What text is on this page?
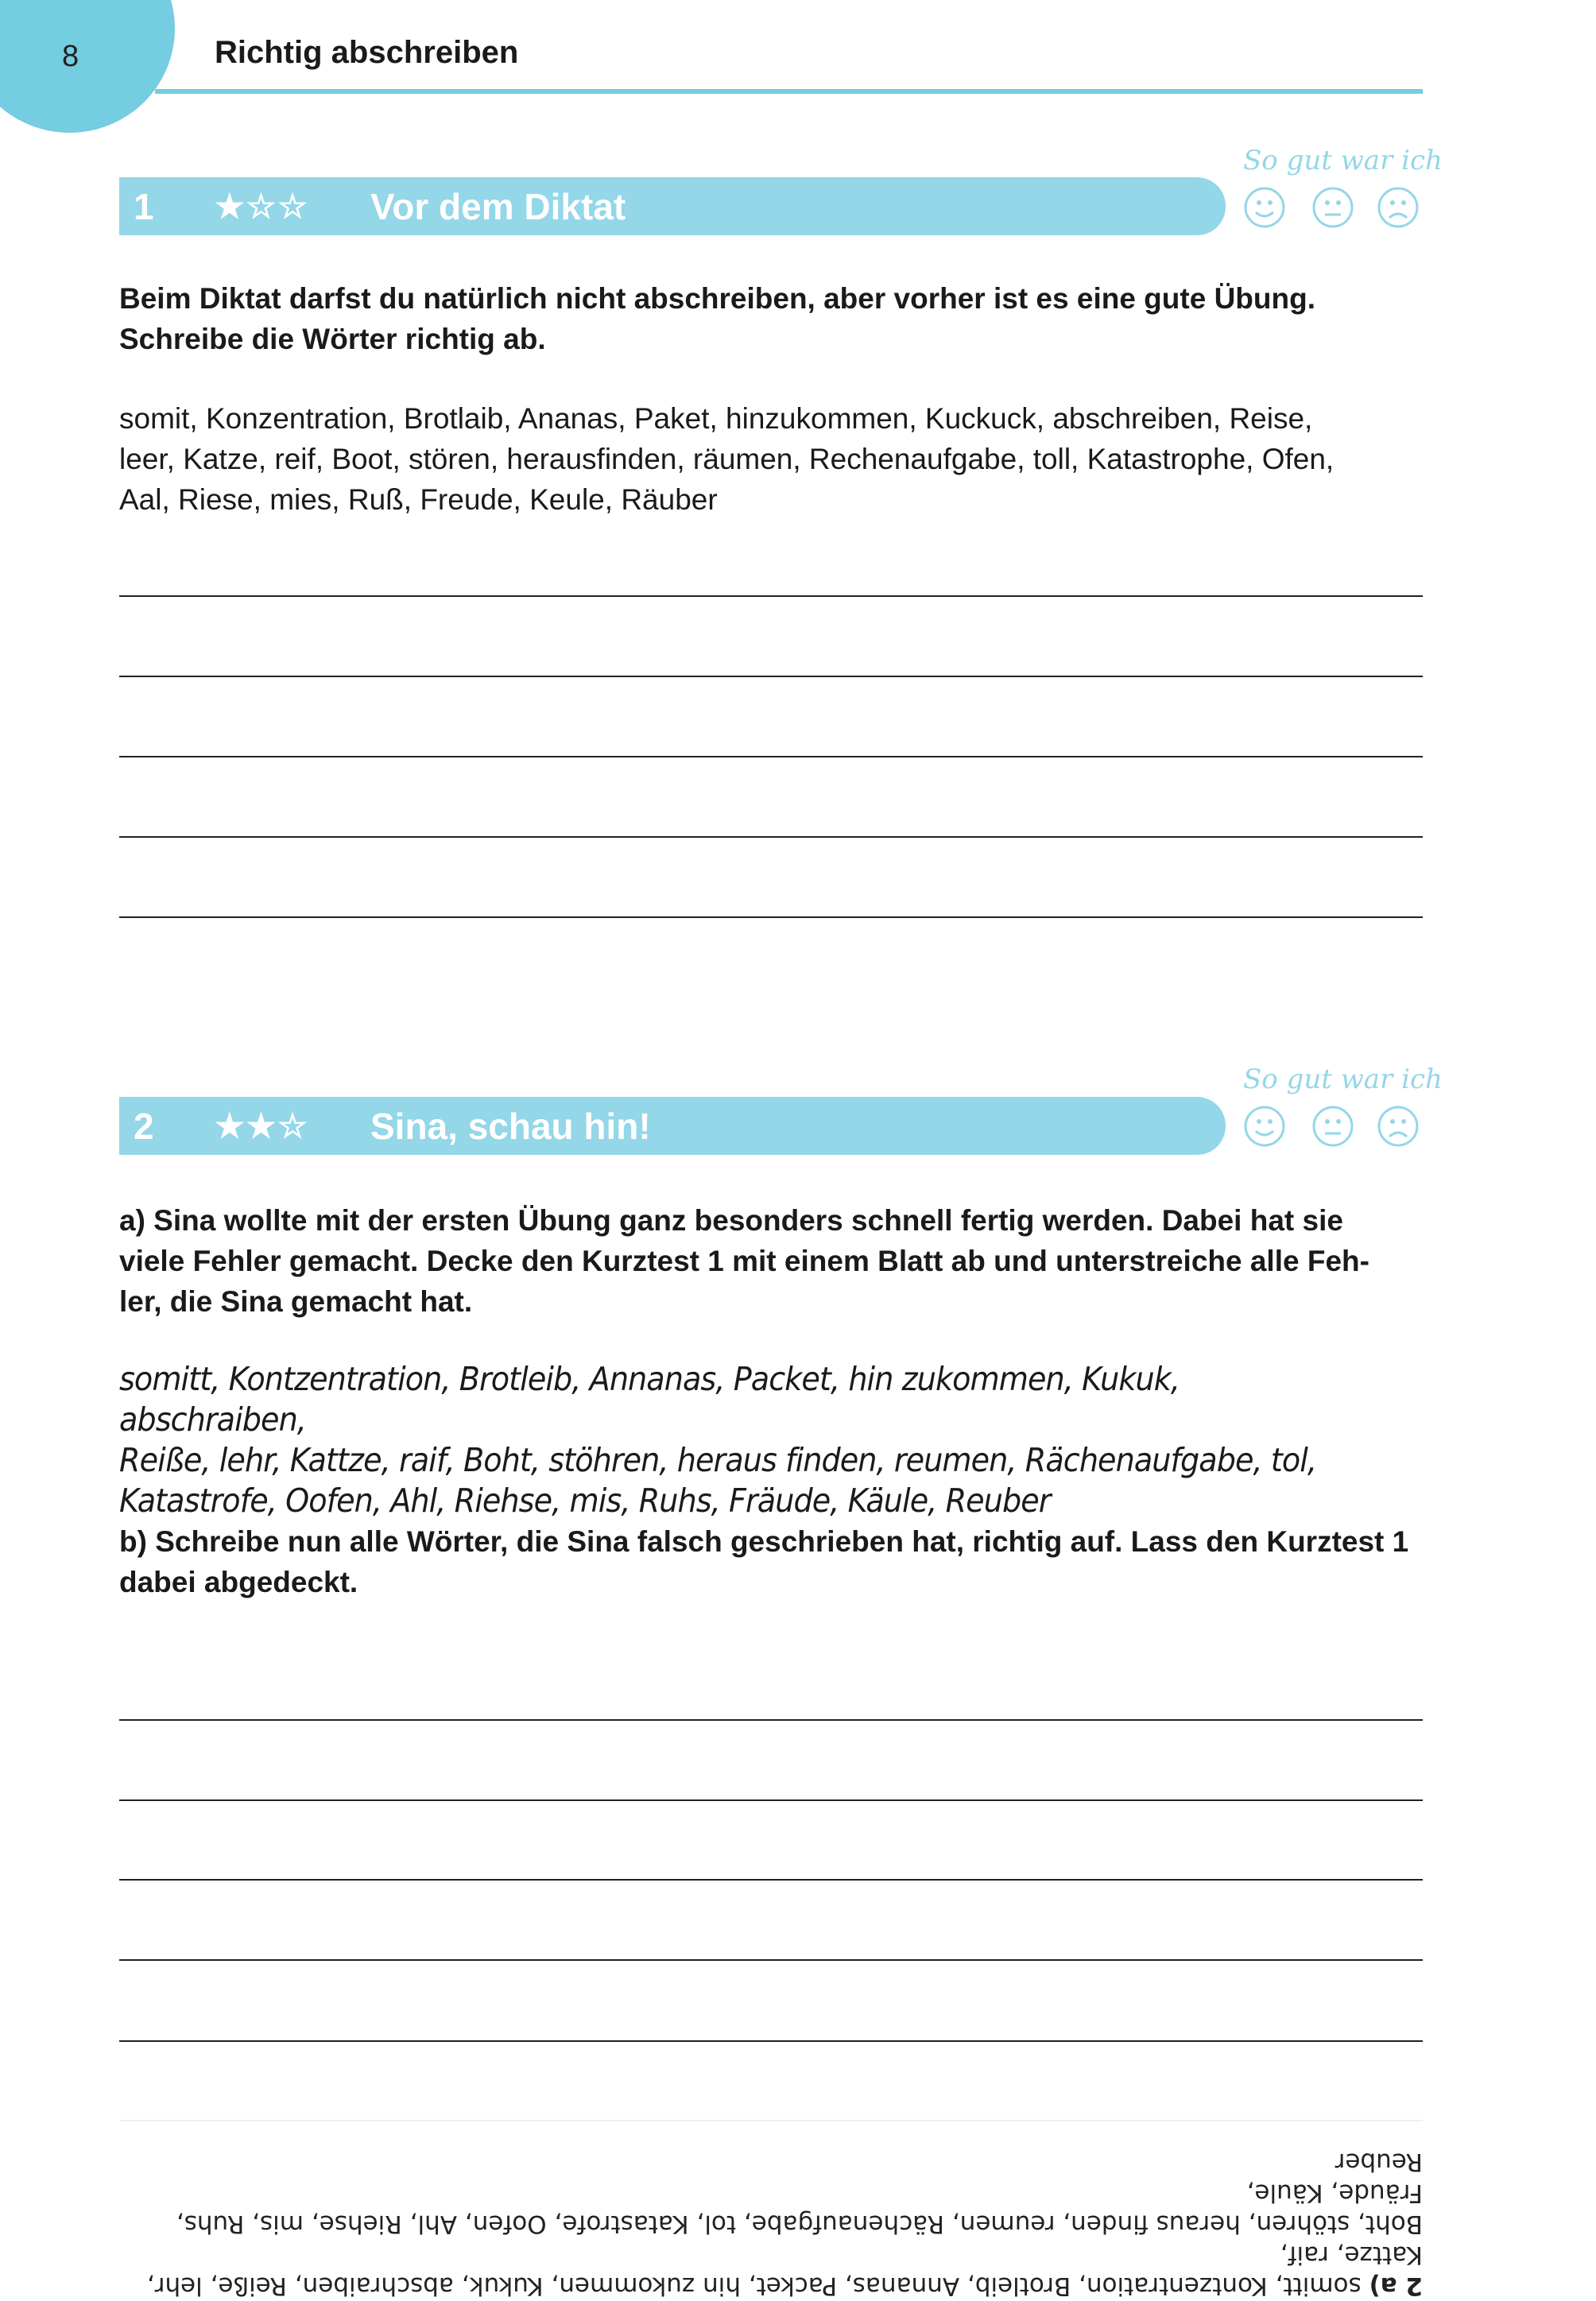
8	Richtig abschreiben
So gut war ich
1 ★☆☆ Vor dem Diktat
Beim Diktat darfst du natürlich nicht abschreiben, aber vorher ist es eine gute Übung.
Schreibe die Wörter richtig ab.
somit, Konzentration, Brotlaib, Ananas, Paket, hinzukommen, Kuckuck, abschreiben, Reise,
leer, Katze, reif, Boot, stören, herausfinden, räumen, Rechenaufgabe, toll, Katastrophe, Ofen,
Aal, Riese, mies, Ruß, Freude, Keule, Räuber
So gut war ich
2 ★★☆ Sina, schau hin!
a) Sina wollte mit der ersten Übung ganz besonders schnell fertig werden. Dabei hat sie
viele Fehler gemacht. Decke den Kurztest 1 mit einem Blatt ab und unterstreiche alle Feh-
ler, die Sina gemacht hat.
somitt, Kontzentration, Brotleib, Annanas, Packet, hin zukommen, Kukuk, abschraiben,
Reiße, lehr, Kattze, raif, Boht, stöhren, heraus finden, reumen, Rächenaufgabe, tol,
Katastrofe, Oofen, Ahl, Riehse, mis, Ruhs, Fräude, Käule, Reuber
b) Schreibe nun alle Wörter, die Sina falsch geschrieben hat, richtig auf. Lass den Kurztest 1
dabei abgedeckt.
2 a) somitt, Kontzentration, Brotleib, Annanas, Packet, hin zukommen, Kukuk, abschraiben, Reiße, lehr, Kattze, raif,
Boht, stöhren, heraus finden, reumen, Rächenaufgabe, tol, Katastrofe, Oofen, Ahl, Riehse, mis, Ruhs, Fräude, Käule,
Reuber
